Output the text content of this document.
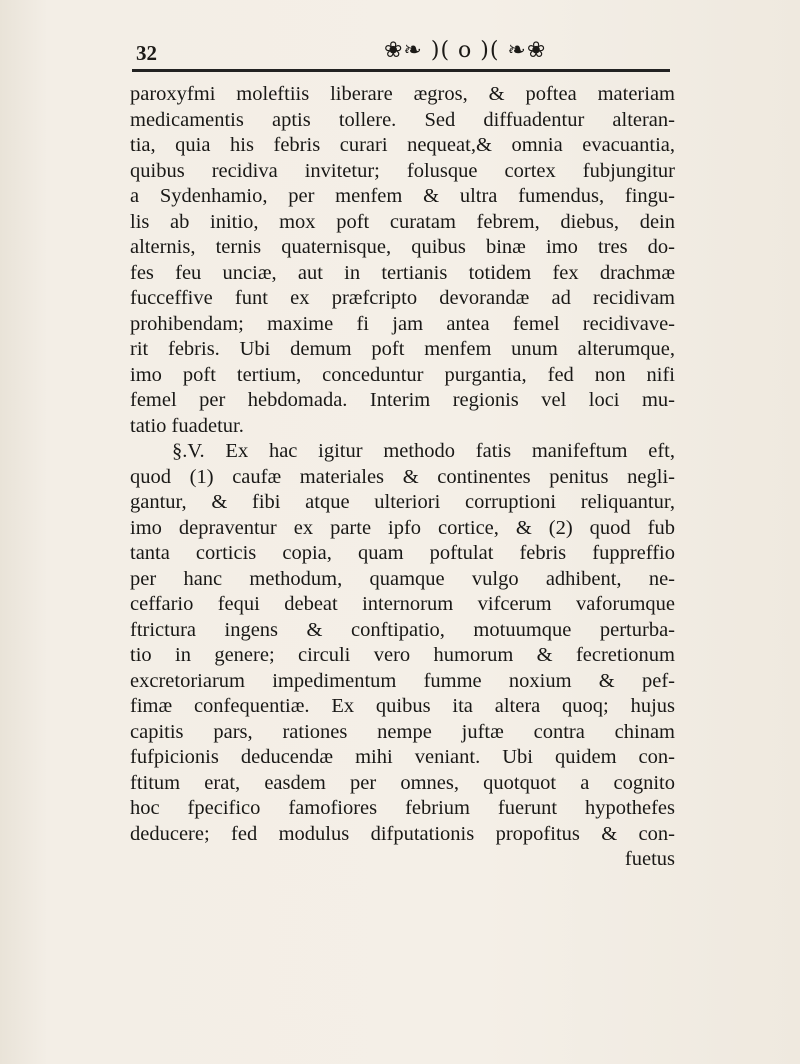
32	❀❧ )( o )( ❧❀
paroxyfmi moleftiis liberare ægros, & poftea materiam
medicamentis aptis tollere. Sed diffuadentur alteran-
tia, quia his febris curari nequeat,& omnia evacuantia,
quibus recidiva invitetur; folusque cortex fubjungitur
a Sydenhamio, per menfem & ultra fumendus, fingu-
lis ab initio, mox poft curatam febrem, diebus, dein
alternis, ternis quaternisque, quibus binæ imo tres do-
fes feu unciæ, aut in tertianis totidem fex drachmæ
fucceffive funt ex præfcripto devorandæ ad recidivam
prohibendam; maxime fi jam antea femel recidivave-
rit febris. Ubi demum poft menfem unum alterumque,
imo poft tertium, conceduntur purgantia, fed non nifi
femel per hebdomada. Interim regionis vel loci mu-
tatio fuadetur.
§.V. Ex hac igitur methodo fatis manifeftum eft,
quod (1) caufæ materiales & continentes penitus negli-
gantur, & fibi atque ulteriori corruptioni reliquantur,
imo depraventur ex parte ipfo cortice, & (2) quod fub
tanta corticis copia, quam poftulat febris fuppreffio
per hanc methodum, quamque vulgo adhibent, ne-
ceffario fequi debeat internorum vifcerum vaforumque
ftrictura ingens & conftipatio, motuumque perturba-
tio in genere; circuli vero humorum & fecretionum
excretoriarum impedimentum fumme noxium & pef-
fimæ confequentiæ. Ex quibus ita altera quoq; hujus
capitis pars, rationes nempe juftæ contra chinam
fufpicionis deducendæ mihi veniant. Ubi quidem con-
ftitum erat, easdem per omnes, quotquot a cognito
hoc fpecifico famofiores febrium fuerunt hypothefes
deducere; fed modulus difputationis propofitus & con-
fuetus
